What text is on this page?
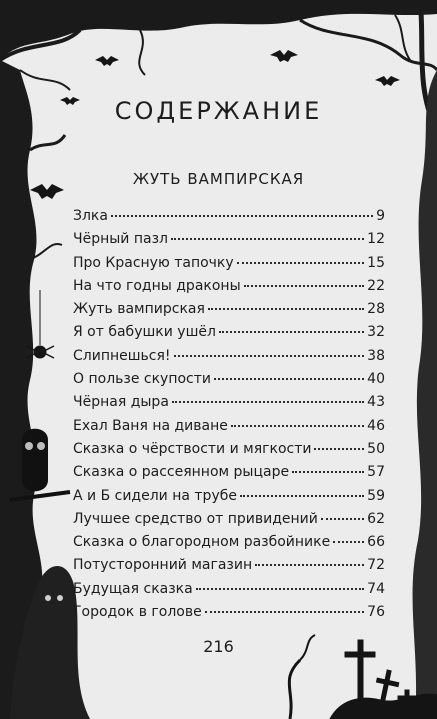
СОДЕРЖАНИЕ
ЖУТЬ ВАМПИРСКАЯ
Злка	9
Чёрный пазл	12
Про Красную тапочку	15
На что годны драконы	22
Жуть вампирская	28
Я от бабушки ушёл	32
Слипнешься!	38
О пользе скупости	40
Чёрная дыра	43
Ехал Ваня на диване	46
Сказка о чёрствости и мягкости	50
Сказка о рассеянном рыцаре	57
А и Б сидели на трубе	59
Лучшее средство от привидений	62
Сказка о благородном разбойнике	66
Потусторонний магазин	72
Будущая сказка	74
Городок в голове	76

216
